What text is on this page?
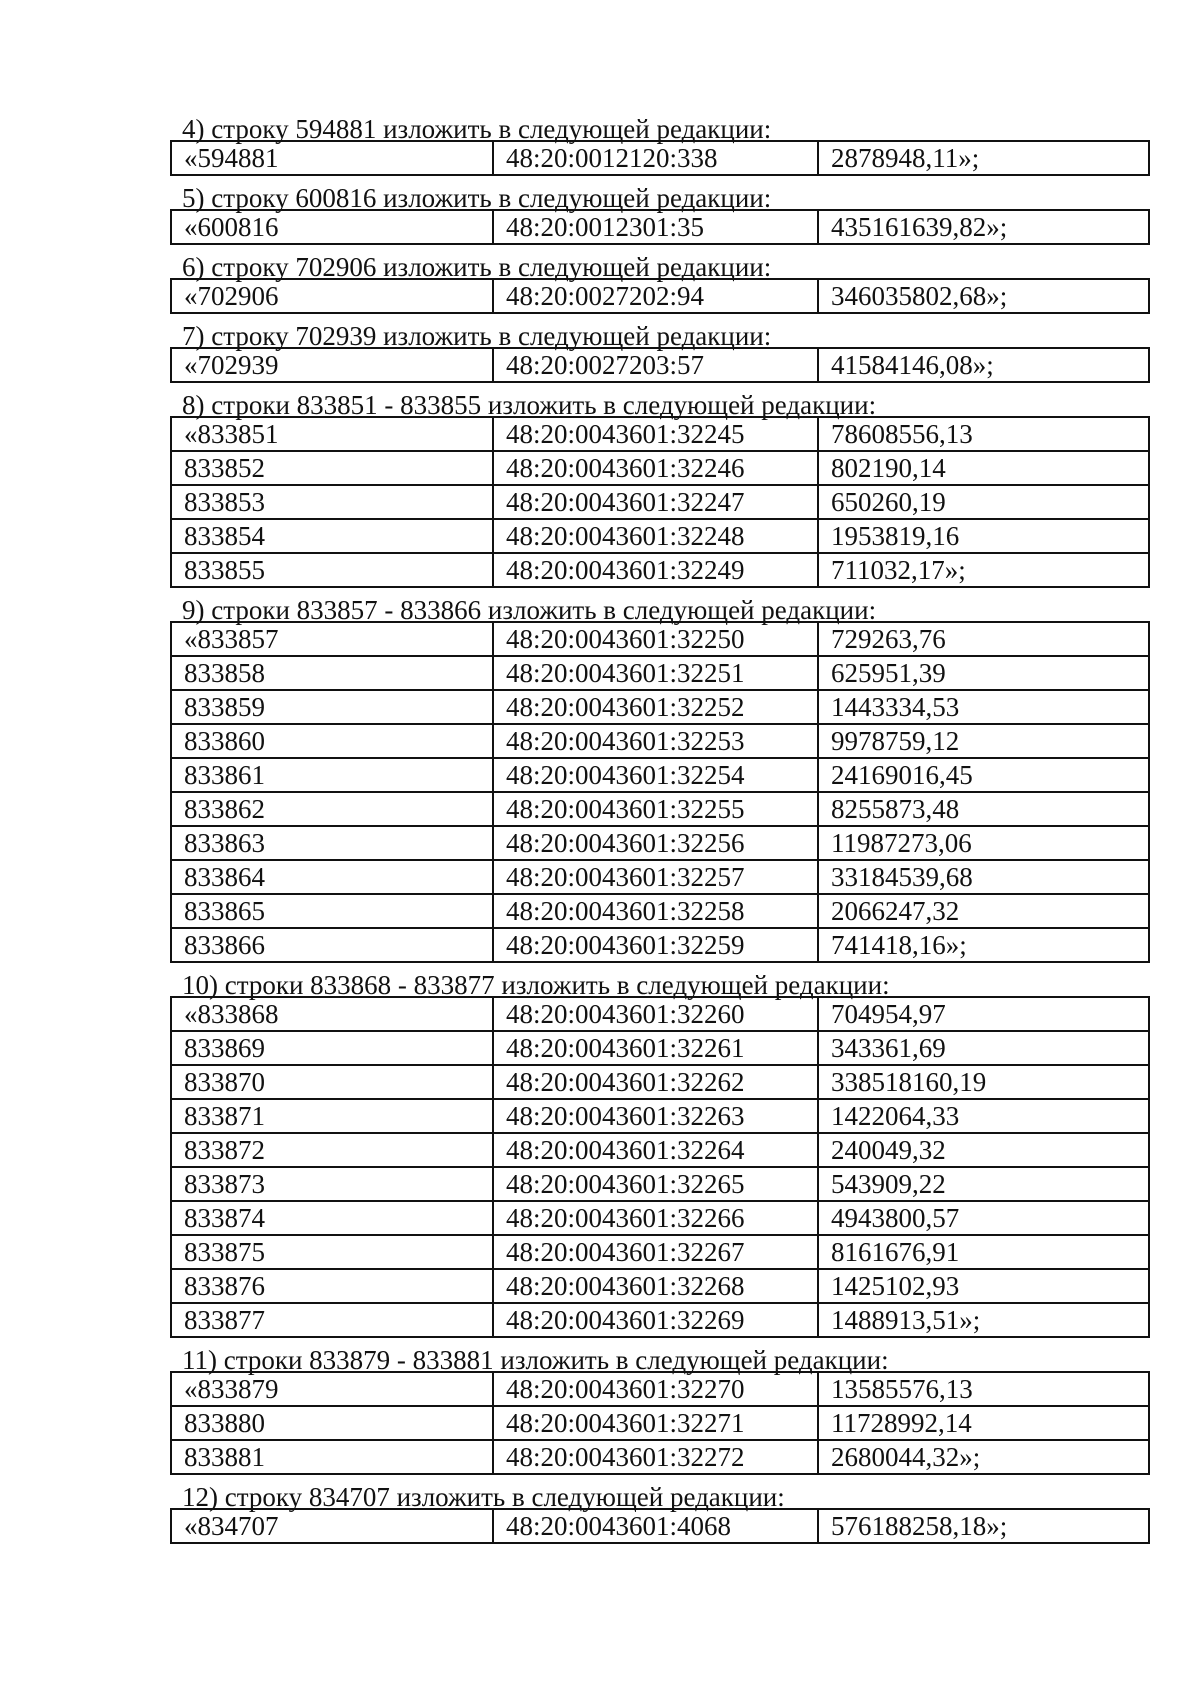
4) строку 594881 изложить в следующей редакции:
«594881	48:20:0012120:338	2878948,11»;
5) строку 600816 изложить в следующей редакции:
«600816	48:20:0012301:35	435161639,82»;
6) строку 702906 изложить в следующей редакции:
«702906	48:20:0027202:94	346035802,68»;
7) строку 702939 изложить в следующей редакции:
«702939	48:20:0027203:57	41584146,08»;
8) строки 833851 - 833855 изложить в следующей редакции:
«833851	48:20:0043601:32245	78608556,13
833852	48:20:0043601:32246	802190,14
833853	48:20:0043601:32247	650260,19
833854	48:20:0043601:32248	1953819,16
833855	48:20:0043601:32249	711032,17»;
9) строки 833857 - 833866 изложить в следующей редакции:
«833857	48:20:0043601:32250	729263,76
833858	48:20:0043601:32251	625951,39
833859	48:20:0043601:32252	1443334,53
833860	48:20:0043601:32253	9978759,12
833861	48:20:0043601:32254	24169016,45
833862	48:20:0043601:32255	8255873,48
833863	48:20:0043601:32256	11987273,06
833864	48:20:0043601:32257	33184539,68
833865	48:20:0043601:32258	2066247,32
833866	48:20:0043601:32259	741418,16»;
10) строки 833868 - 833877 изложить в следующей редакции:
«833868	48:20:0043601:32260	704954,97
833869	48:20:0043601:32261	343361,69
833870	48:20:0043601:32262	338518160,19
833871	48:20:0043601:32263	1422064,33
833872	48:20:0043601:32264	240049,32
833873	48:20:0043601:32265	543909,22
833874	48:20:0043601:32266	4943800,57
833875	48:20:0043601:32267	8161676,91
833876	48:20:0043601:32268	1425102,93
833877	48:20:0043601:32269	1488913,51»;
11) строки 833879 - 833881 изложить в следующей редакции:
«833879	48:20:0043601:32270	13585576,13
833880	48:20:0043601:32271	11728992,14
833881	48:20:0043601:32272	2680044,32»;
12) строку 834707 изложить в следующей редакции:
«834707	48:20:0043601:4068	576188258,18»;
